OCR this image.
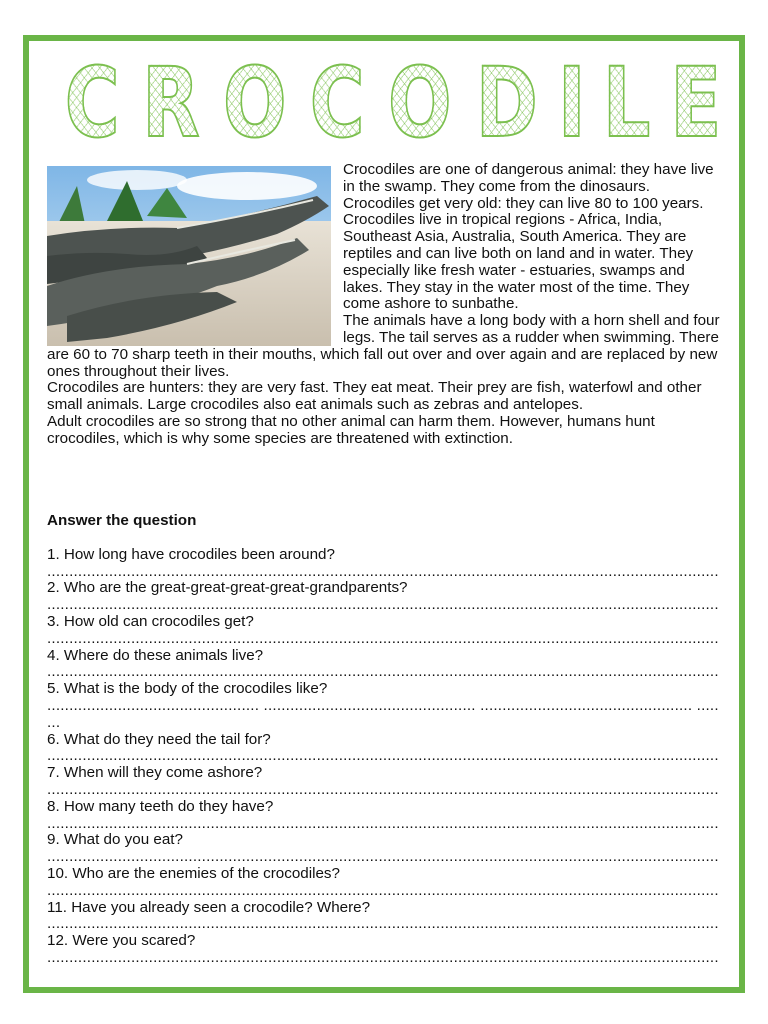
C R O C O D I L E

Crocodiles are one of dangerous animal: they have live in the swamp. They come from the dinosaurs.

Crocodiles get very old: they can live 80 to 100 years.

Crocodiles live in tropical regions - Africa, India, Southeast Asia, Australia, South America. They are reptiles and can live both on land and in water. They especially like fresh water - estuaries, swamps and lakes. They stay in the water most of the time. They come ashore to sunbathe.

The animals have a long body with a horn shell and four legs. The tail serves as a rudder when swimming. There are 60 to 70 sharp teeth in their mouths, which fall out over and over again and are replaced by new ones throughout their lives.

Crocodiles are hunters: they are very fast. They eat meat. Their prey are fish, waterfowl and other small animals. Large crocodiles also eat animals such as zebras and antelopes.

Adult crocodiles are so strong that no other animal can harm them. However, humans hunt crocodiles, which is why some species are threatened with extinction.

Answer the question

1. How long have crocodiles been around?

........................................................................................................................................................

2. Who are the great-great-great-great-grandparents?

........................................................................................................................................................

3. How old can crocodiles get?

........................................................................................................................................................

4. Where do these animals live?

........................................................................................................................................................

5. What is the body of the crocodiles like?

................................................ ................................................ ................................................ .....

...

6. What do they need the tail for?

........................................................................................................................................................

7. When will they come ashore?

........................................................................................................................................................

8. How many teeth do they have?

........................................................................................................................................................

9. What do you eat?

........................................................................................................................................................

10. Who are the enemies of the crocodiles?

........................................................................................................................................................

11. Have you already seen a crocodile? Where?

........................................................................................................................................................

12. Were you scared?

........................................................................................................................................................
